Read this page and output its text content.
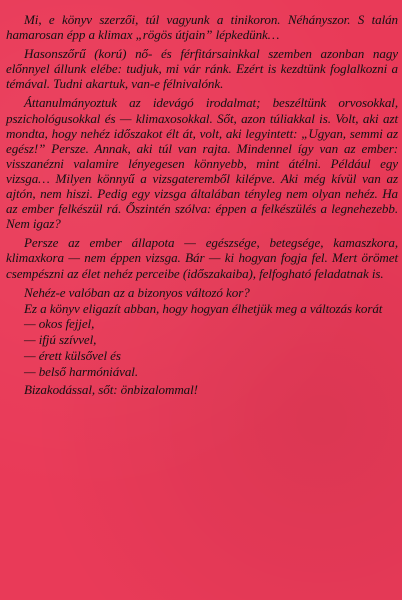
Mi, e könyv szerzői, túl vagyunk a tinikoron. Néhányszor. S talán hamarosan épp a klimax „rögös útjain” lépkedünk…

Hasonszőrű (korú) nő- és férfitársainkkal szemben azonban nagy előnnyel állunk elébe: tudjuk, mi vár ránk. Ezért is kezdtünk foglalkozni a témával. Tudni akartuk, van-e félnivalónk.

Áttanulmányoztuk az idevágó irodalmat; beszéltünk orvosokkal, pszichológusokkal és — klimaxosokkal. Sőt, azon túliakkal is. Volt, aki azt mondta, hogy nehéz időszakot élt át, volt, aki legyintett: „Ugyan, semmi az egész!” Persze. Annak, aki túl van rajta. Mindennel így van az ember: visszanézni valamire lényegesen könnyebb, mint átélni. Például egy vizsga… Milyen könnyű a vizsgateremből kilépve. Aki még kívül van az ajtón, nem hiszi. Pedig egy vizsga általában tényleg nem olyan nehéz. Ha az ember felkészül rá. Őszintén szólva: éppen a felkészülés a legnehezebb. Nem igaz?

Persze az ember állapota — egészsége, betegsége, kamaszkora, klimaxkora — nem éppen vizsga. Bár — ki hogyan fogja fel. Mert örömet csempészni az élet nehéz perceibe (időszakaiba), felfogható feladatnak is.

Nehéz-e valóban az a bizonyos változó kor?

Ez a könyv eligazít abban, hogy hogyan élhetjük meg a változás korát

— okos fejjel,
— ifjú szívvel,
— érett külsővel és
— belső harmóniával.

Bizakodással, sőt: önbizalommal!
